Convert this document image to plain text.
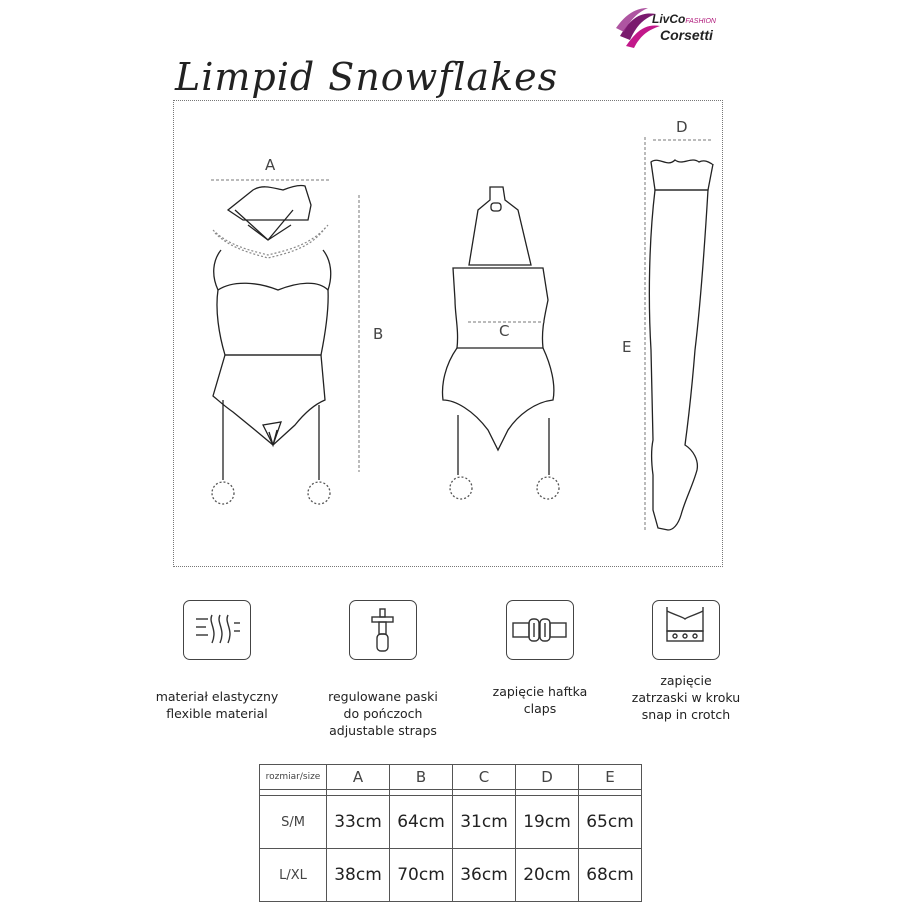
LivCoFASHION
Corsetti
Limpid Snowflakes
A
B	C
D
E
materiał elastyczny
flexible material
regulowane paski
do pończoch
adjustable straps
zapięcie haftka
claps
zapięcie
zatrzaski w kroku
snap in crotch
rozmiar/size	A	B	C	D	E

S/M	33cm	64cm	31cm	19cm	65cm
L/XL	38cm	70cm	36cm	20cm	68cm
